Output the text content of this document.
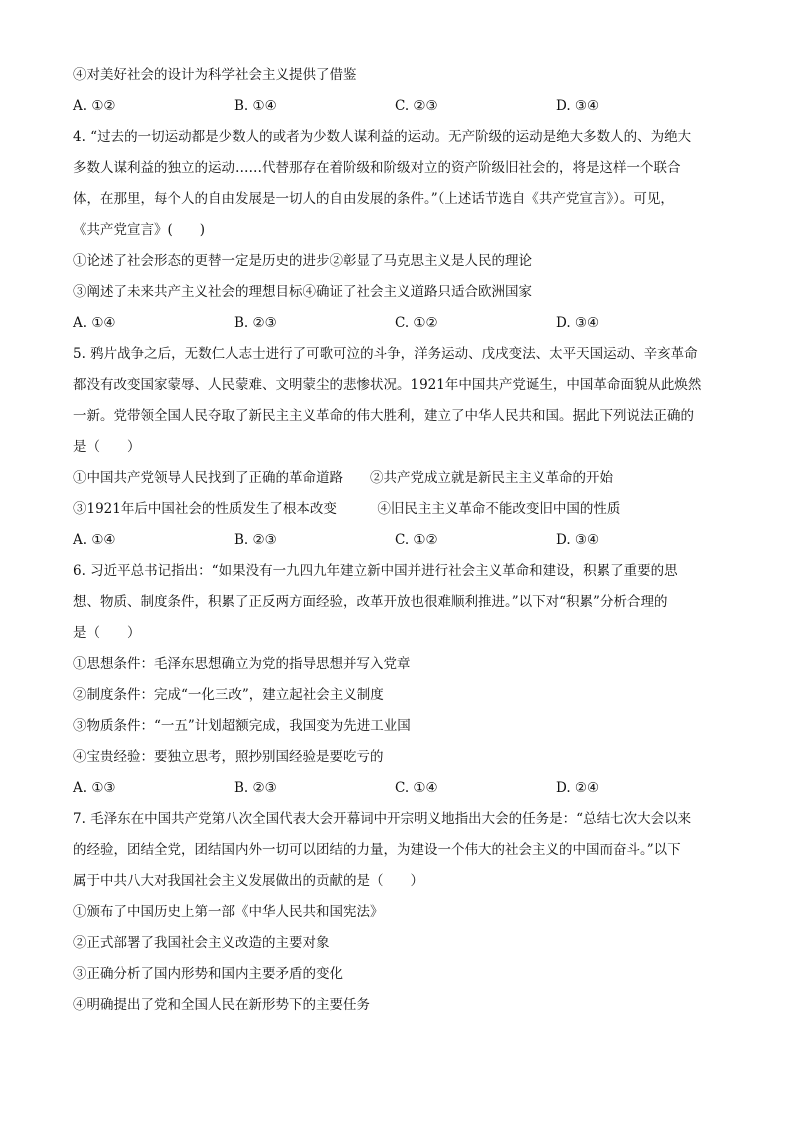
④对美好社会的设计为科学社会主义提供了借鉴
A. ①②	B. ①④	C. ②③	D. ③④
4. “过去的一切运动都是少数人的或者为少数人谋利益的运动。无产阶级的运动是绝大多数人的、为绝大
多数人谋利益的独立的运动……代替那存在着阶级和阶级对立的资产阶级旧社会的，将是这样一个联合
体，在那里，每个人的自由发展是一切人的自由发展的条件。”（上述话节选自《共产党宣言》）。可见，
《共产党宣言》(　　)
①论述了社会形态的更替一定是历史的进步②彰显了马克思主义是人民的理论
③阐述了未来共产主义社会的理想目标④确证了社会主义道路只适合欧洲国家
A. ①④	B. ②③	C. ①②	D. ③④
5. 鸦片战争之后，无数仁人志士进行了可歌可泣的斗争，洋务运动、戊戌变法、太平天国运动、辛亥革命
都没有改变国家蒙辱、人民蒙难、文明蒙尘的悲惨状况。1921年中国共产党诞生，中国革命面貌从此焕然
一新。党带领全国人民夺取了新民主主义革命的伟大胜利，建立了中华人民共和国。据此下列说法正确的
是（　　）
①中国共产党领导人民找到了正确的革命道路　　②共产党成立就是新民主主义革命的开始
③1921年后中国社会的性质发生了根本改变　　　④旧民主主义革命不能改变旧中国的性质
A. ①④	B. ②③	C. ①②	D. ③④
6. 习近平总书记指出：“如果没有一九四九年建立新中国并进行社会主义革命和建设，积累了重要的思
想、物质、制度条件，积累了正反两方面经验，改革开放也很难顺利推进。”以下对“积累”分析合理的
是（　　）
①思想条件：毛泽东思想确立为党的指导思想并写入党章
②制度条件：完成“一化三改”，建立起社会主义制度
③物质条件：“一五”计划超额完成，我国变为先进工业国
④宝贵经验：要独立思考，照抄别国经验是要吃亏的
A. ①③	B. ②③	C. ①④	D. ②④
7. 毛泽东在中国共产党第八次全国代表大会开幕词中开宗明义地指出大会的任务是：“总结七次大会以来
的经验，团结全党，团结国内外一切可以团结的力量，为建设一个伟大的社会主义的中国而奋斗。”以下
属于中共八大对我国社会主义发展做出的贡献的是（　　）
①颁布了中国历史上第一部《中华人民共和国宪法》
②正式部署了我国社会主义改造的主要对象
③正确分析了国内形势和国内主要矛盾的变化
④明确提出了党和全国人民在新形势下的主要任务
